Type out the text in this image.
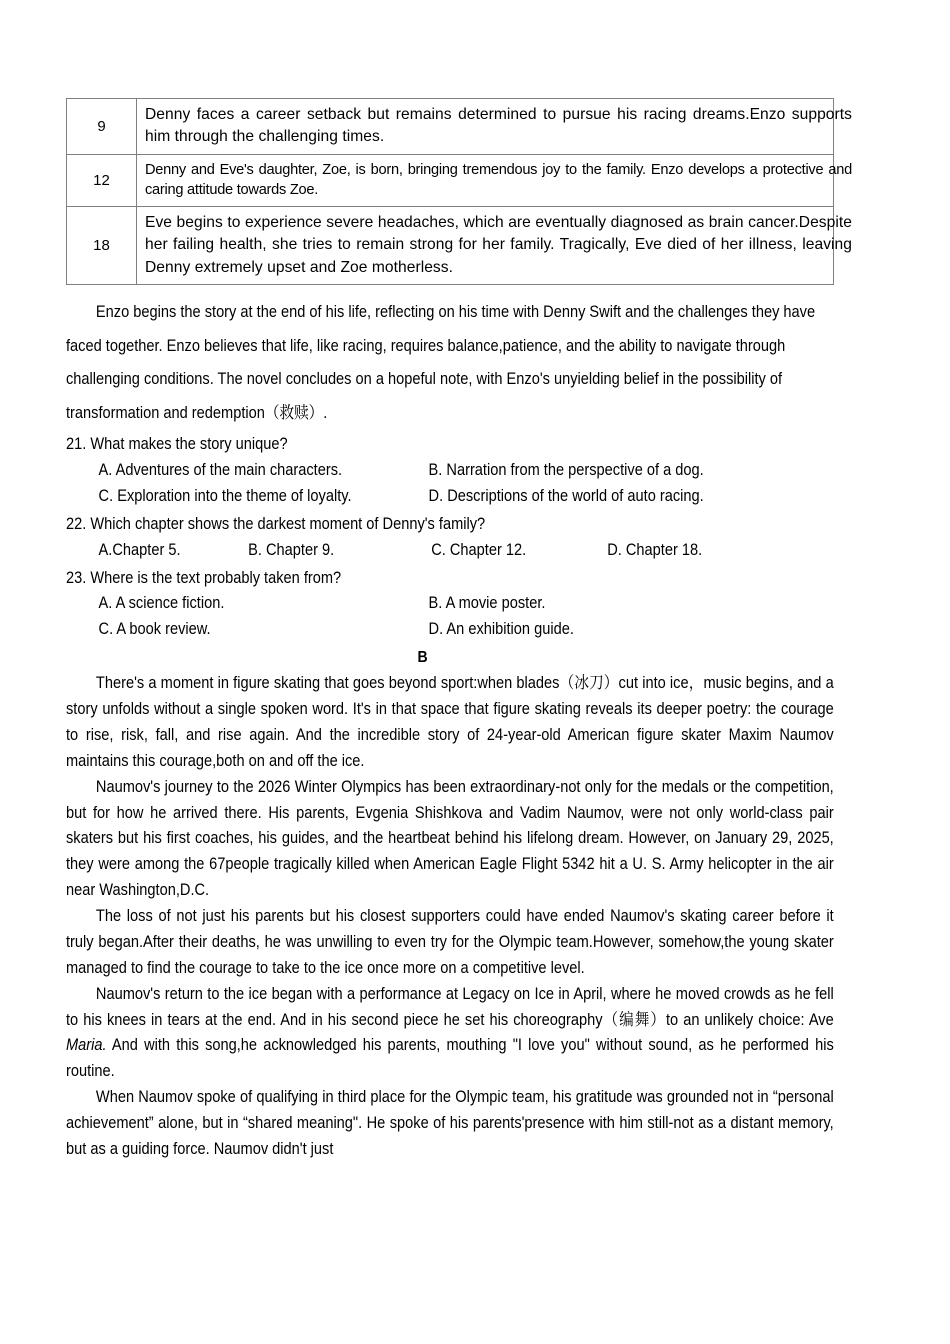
9	Denny faces a career setback but remains determined to pursue his racing dreams.Enzo supports him through the challenging times.

12	Denny and Eve's daughter, Zoe, is born, bringing tremendous joy to the family. Enzo develops a protective and caring attitude towards Zoe.

18	Eve begins to experience severe headaches, which are eventually diagnosed as brain cancer.Despite her failing health, she tries to remain strong for her family. Tragically, Eve died of her illness, leaving Denny extremely upset and Zoe motherless.

Enzo begins the story at the end of his life, reflecting on his time with Denny Swift and the challenges they have faced together. Enzo believes that life, like racing, requires balance,patience, and the ability to navigate through challenging conditions. The novel concludes on a hopeful note, with Enzo's unyielding belief in the possibility of transformation and redemption（救赎）.

21. What makes the story unique?

A. Adventures of the main characters.	B. Narration from the perspective of a dog.
C. Exploration into the theme of loyalty.	D. Descriptions of the world of auto racing.

22. Which chapter shows the darkest moment of Denny's family?

A.Chapter 5.	B. Chapter 9.	C. Chapter 12.	D. Chapter 18.

23. Where is the text probably taken from?

A. A science fiction.	B. A movie poster.
C. A book review.	D. An exhibition guide.

B

There's a moment in figure skating that goes beyond sport:when blades（冰刀）cut into ice，music begins, and a story unfolds without a single spoken word. It's in that space that figure skating reveals its deeper poetry: the courage to rise, risk, fall, and rise again. And the incredible story of 24-year-old American figure skater Maxim Naumov maintains this courage,both on and off the ice.

Naumov's journey to the 2026 Winter Olympics has been extraordinary-not only for the medals or the competition, but for how he arrived there. His parents, Evgenia Shishkova and Vadim Naumov, were not only world-class pair skaters but his first coaches, his guides, and the heartbeat behind his lifelong dream. However, on January 29, 2025, they were among the 67people tragically killed when American Eagle Flight 5342 hit a U. S. Army helicopter in the air near Washington,D.C.

The loss of not just his parents but his closest supporters could have ended Naumov's skating career before it truly began.After their deaths, he was unwilling to even try for the Olympic team.However, somehow,the young skater managed to find the courage to take to the ice once more on a competitive level.

Naumov's return to the ice began with a performance at Legacy on Ice in April, where he moved crowds as he fell to his knees in tears at the end. And in his second piece he set his choreography（编舞）to an unlikely choice: Ave Maria. And with this song,he acknowledged his parents, mouthing "I love you" without sound, as he performed his routine.

When Naumov spoke of qualifying in third place for the Olympic team, his gratitude was grounded not in “personal achievement” alone, but in “shared meaning". He spoke of his parents'presence with him still-not as a distant memory, but as a guiding force. Naumov didn't just
